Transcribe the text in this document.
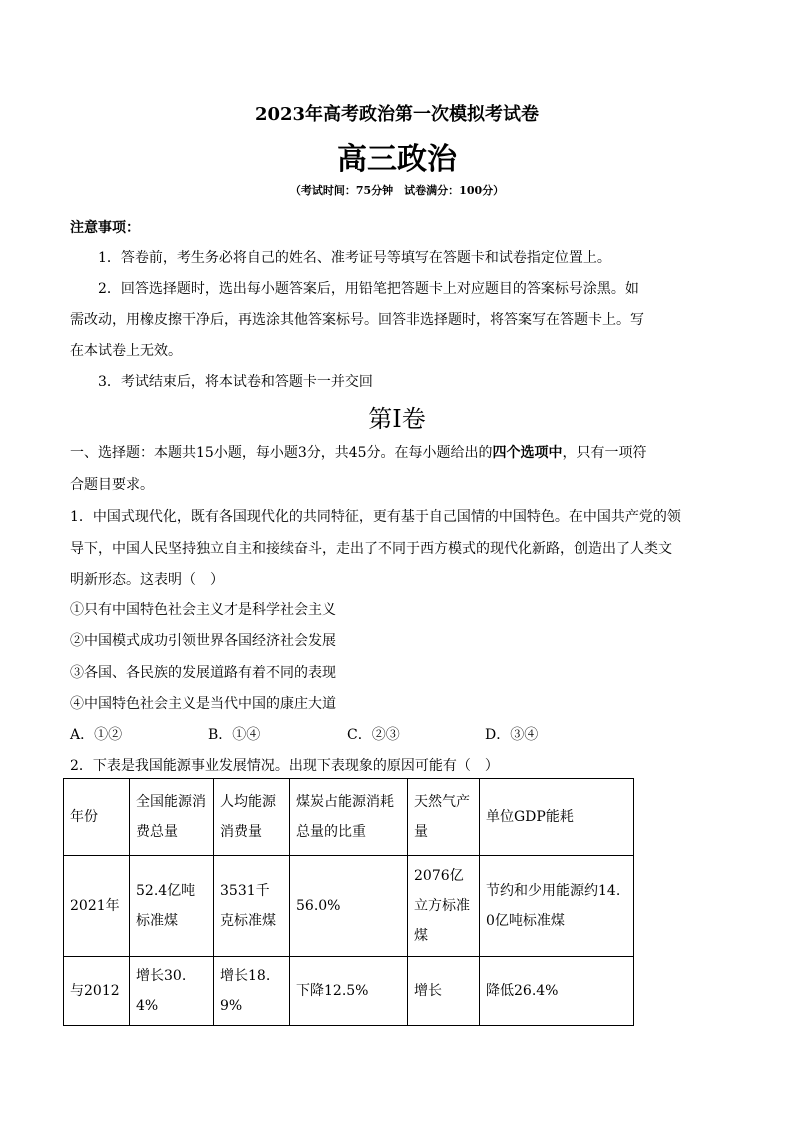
2023年高考政治第一次模拟考试卷
高三政治
（考试时间：75分钟　试卷满分：100分）
注意事项：
1．答卷前，考生务必将自己的姓名、准考证号等填写在答题卡和试卷指定位置上。
2．回答选择题时，选出每小题答案后，用铅笔把答题卡上对应题目的答案标号涂黑。如
需改动，用橡皮擦干净后，再选涂其他答案标号。回答非选择题时，将答案写在答题卡上。写
在本试卷上无效。
3．考试结束后，将本试卷和答题卡一并交回
第Ⅰ卷
一、选择题：本题共15小题，每小题3分，共45分。在每小题给出的四个选项中，只有一项符
合题目要求。
1．中国式现代化，既有各国现代化的共同特征，更有基于自己国情的中国特色。在中国共产党的领
导下，中国人民坚持独立自主和接续奋斗，走出了不同于西方模式的现代化新路，创造出了人类文
明新形态。这表明（　）
①只有中国特色社会主义才是科学社会主义
②中国模式成功引领世界各国经济社会发展
③各国、各民族的发展道路有着不同的表现
④中国特色社会主义是当代中国的康庄大道
A．①②	B．①④	C．②③	D．③④
2．下表是我国能源事业发展情况。出现下表现象的原因可能有（　）
年份	全国能源消费总量	人均能源消费量	煤炭占能源消耗总量的比重	天然气产量	单位GDP能耗
2021年	52.4亿吨标准煤	3531千克标准煤	56.0%	2076亿立方标准煤	节约和少用能源约14.0亿吨标准煤
与2012	增长30.4%	增长18.9%	下降12.5%	增长	降低26.4%
